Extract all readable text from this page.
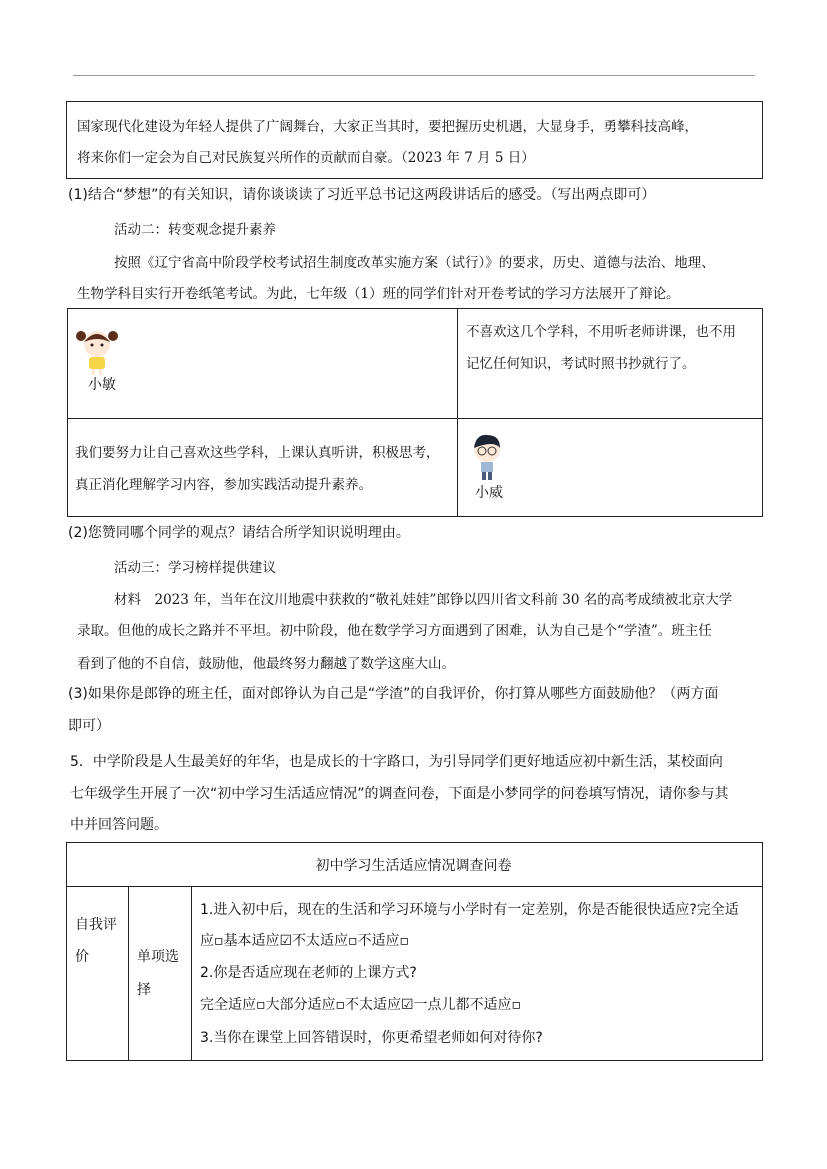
国家现代化建设为年轻人提供了广阔舞台，大家正当其时，要把握历史机遇，大显身手，勇攀科技高峰，
将来你们一定会为自己对民族复兴所作的贡献而自豪。（2023 年 7 月 5 日）
(1)结合“梦想”的有关知识，请你谈谈读了习近平总书记这两段讲话后的感受。（写出两点即可）
活动二：转变观念提升素养
按照《辽宁省高中阶段学校考试招生制度改革实施方案（试行）》的要求，历史、道德与法治、地理、
生物学科目实行开卷纸笔考试。为此，七年级（1）班的同学们针对开卷考试的学习方法展开了辩论。
小敏
不喜欢这几个学科，不用听老师讲课，也不用
记忆任何知识，考试时照书抄就行了。
我们要努力让自己喜欢这些学科，上课认真听讲，积极思考，
真正消化理解学习内容，参加实践活动提升素养。	小威
(2)您赞同哪个同学的观点？请结合所学知识说明理由。
活动三：学习榜样提供建议
材料　2023 年，当年在汶川地震中获救的“敬礼娃娃”郎铮以四川省文科前 30 名的高考成绩被北京大学
录取。但他的成长之路并不平坦。初中阶段，他在数学学习方面遇到了困难，认为自己是个“学渣”。班主任
看到了他的不自信，鼓励他，他最终努力翻越了数学这座大山。
(3)如果你是郎铮的班主任，面对郎铮认为自己是“学渣”的自我评价，你打算从哪些方面鼓励他？（两方面
即可）
5．中学阶段是人生最美好的年华，也是成长的十字路口，为引导同学们更好地适应初中新生活，某校面向
七年级学生开展了一次“初中学习生活适应情况”的调查问卷，下面是小梦同学的问卷填写情况，请你参与其
中并回答问题。
初中学习生活适应情况调查问卷
自我评
价	单项选
择
1.进入初中后，现在的生活和学习环境与小学时有一定差别，你是否能很快适应?完全适
应▫基本适应☑不太适应▫不适应▫
2.你是否适应现在老师的上课方式?
完全适应▫大部分适应▫不太适应☑一点儿都不适应▫
3.当你在课堂上回答错误时，你更希望老师如何对待你?
